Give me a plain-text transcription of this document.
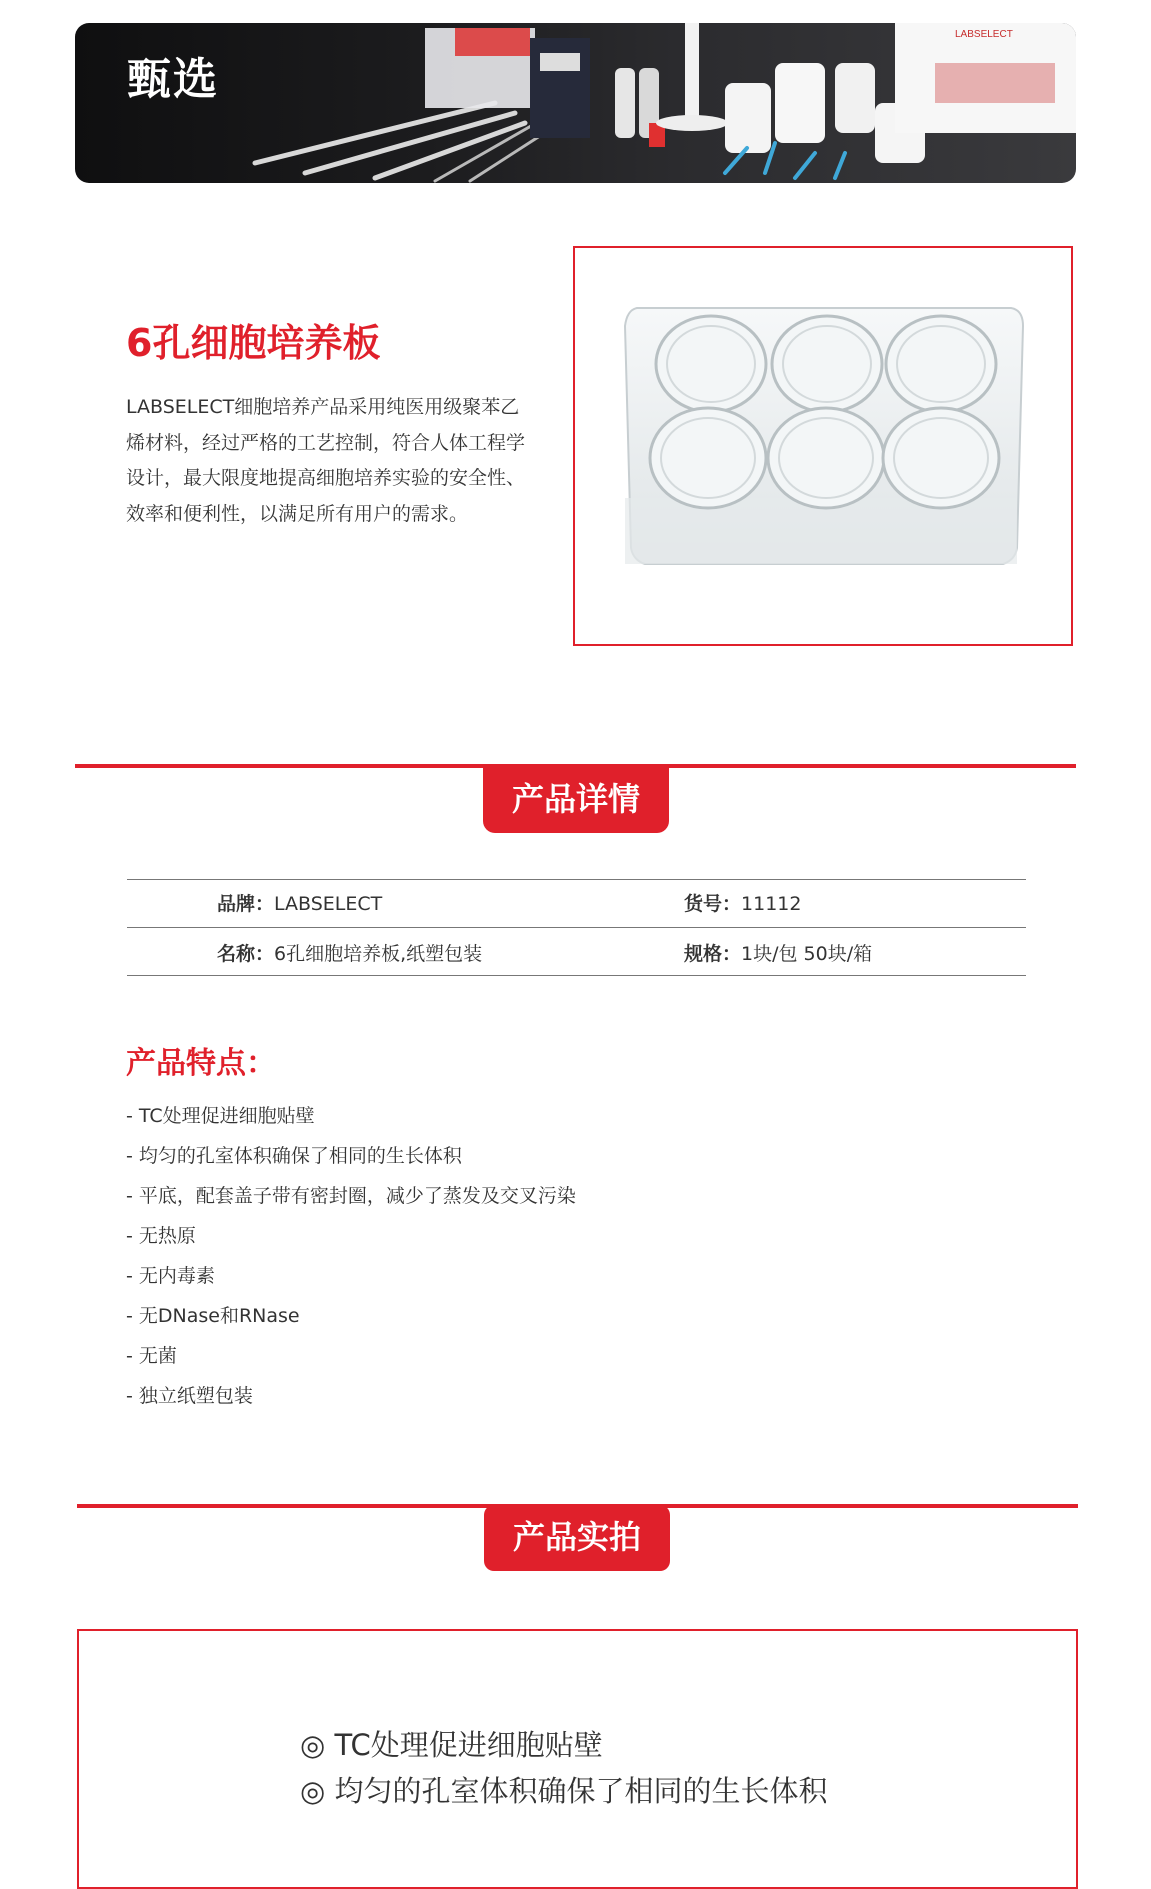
甄选
LABSELECT
6孔细胞培养板
LABSELECT细胞培养产品采用纯医用级聚苯乙烯材料，经过严格的工艺控制，符合人体工程学设计，最大限度地提高细胞培养实验的安全性、效率和便利性，以满足所有用户的需求。
产品详情
品牌：LABSELECT	货号：11112
名称：6孔细胞培养板,纸塑包装	规格：1块/包 50块/箱
产品特点：
- TC处理促进细胞贴壁
- 均匀的孔室体积确保了相同的生长体积
- 平底，配套盖子带有密封圈，减少了蒸发及交叉污染
- 无热原
- 无内毒素
- 无DNase和RNase
- 无菌
- 独立纸塑包装
产品实拍
◎ TC处理促进细胞贴壁
◎ 均匀的孔室体积确保了相同的生长体积
